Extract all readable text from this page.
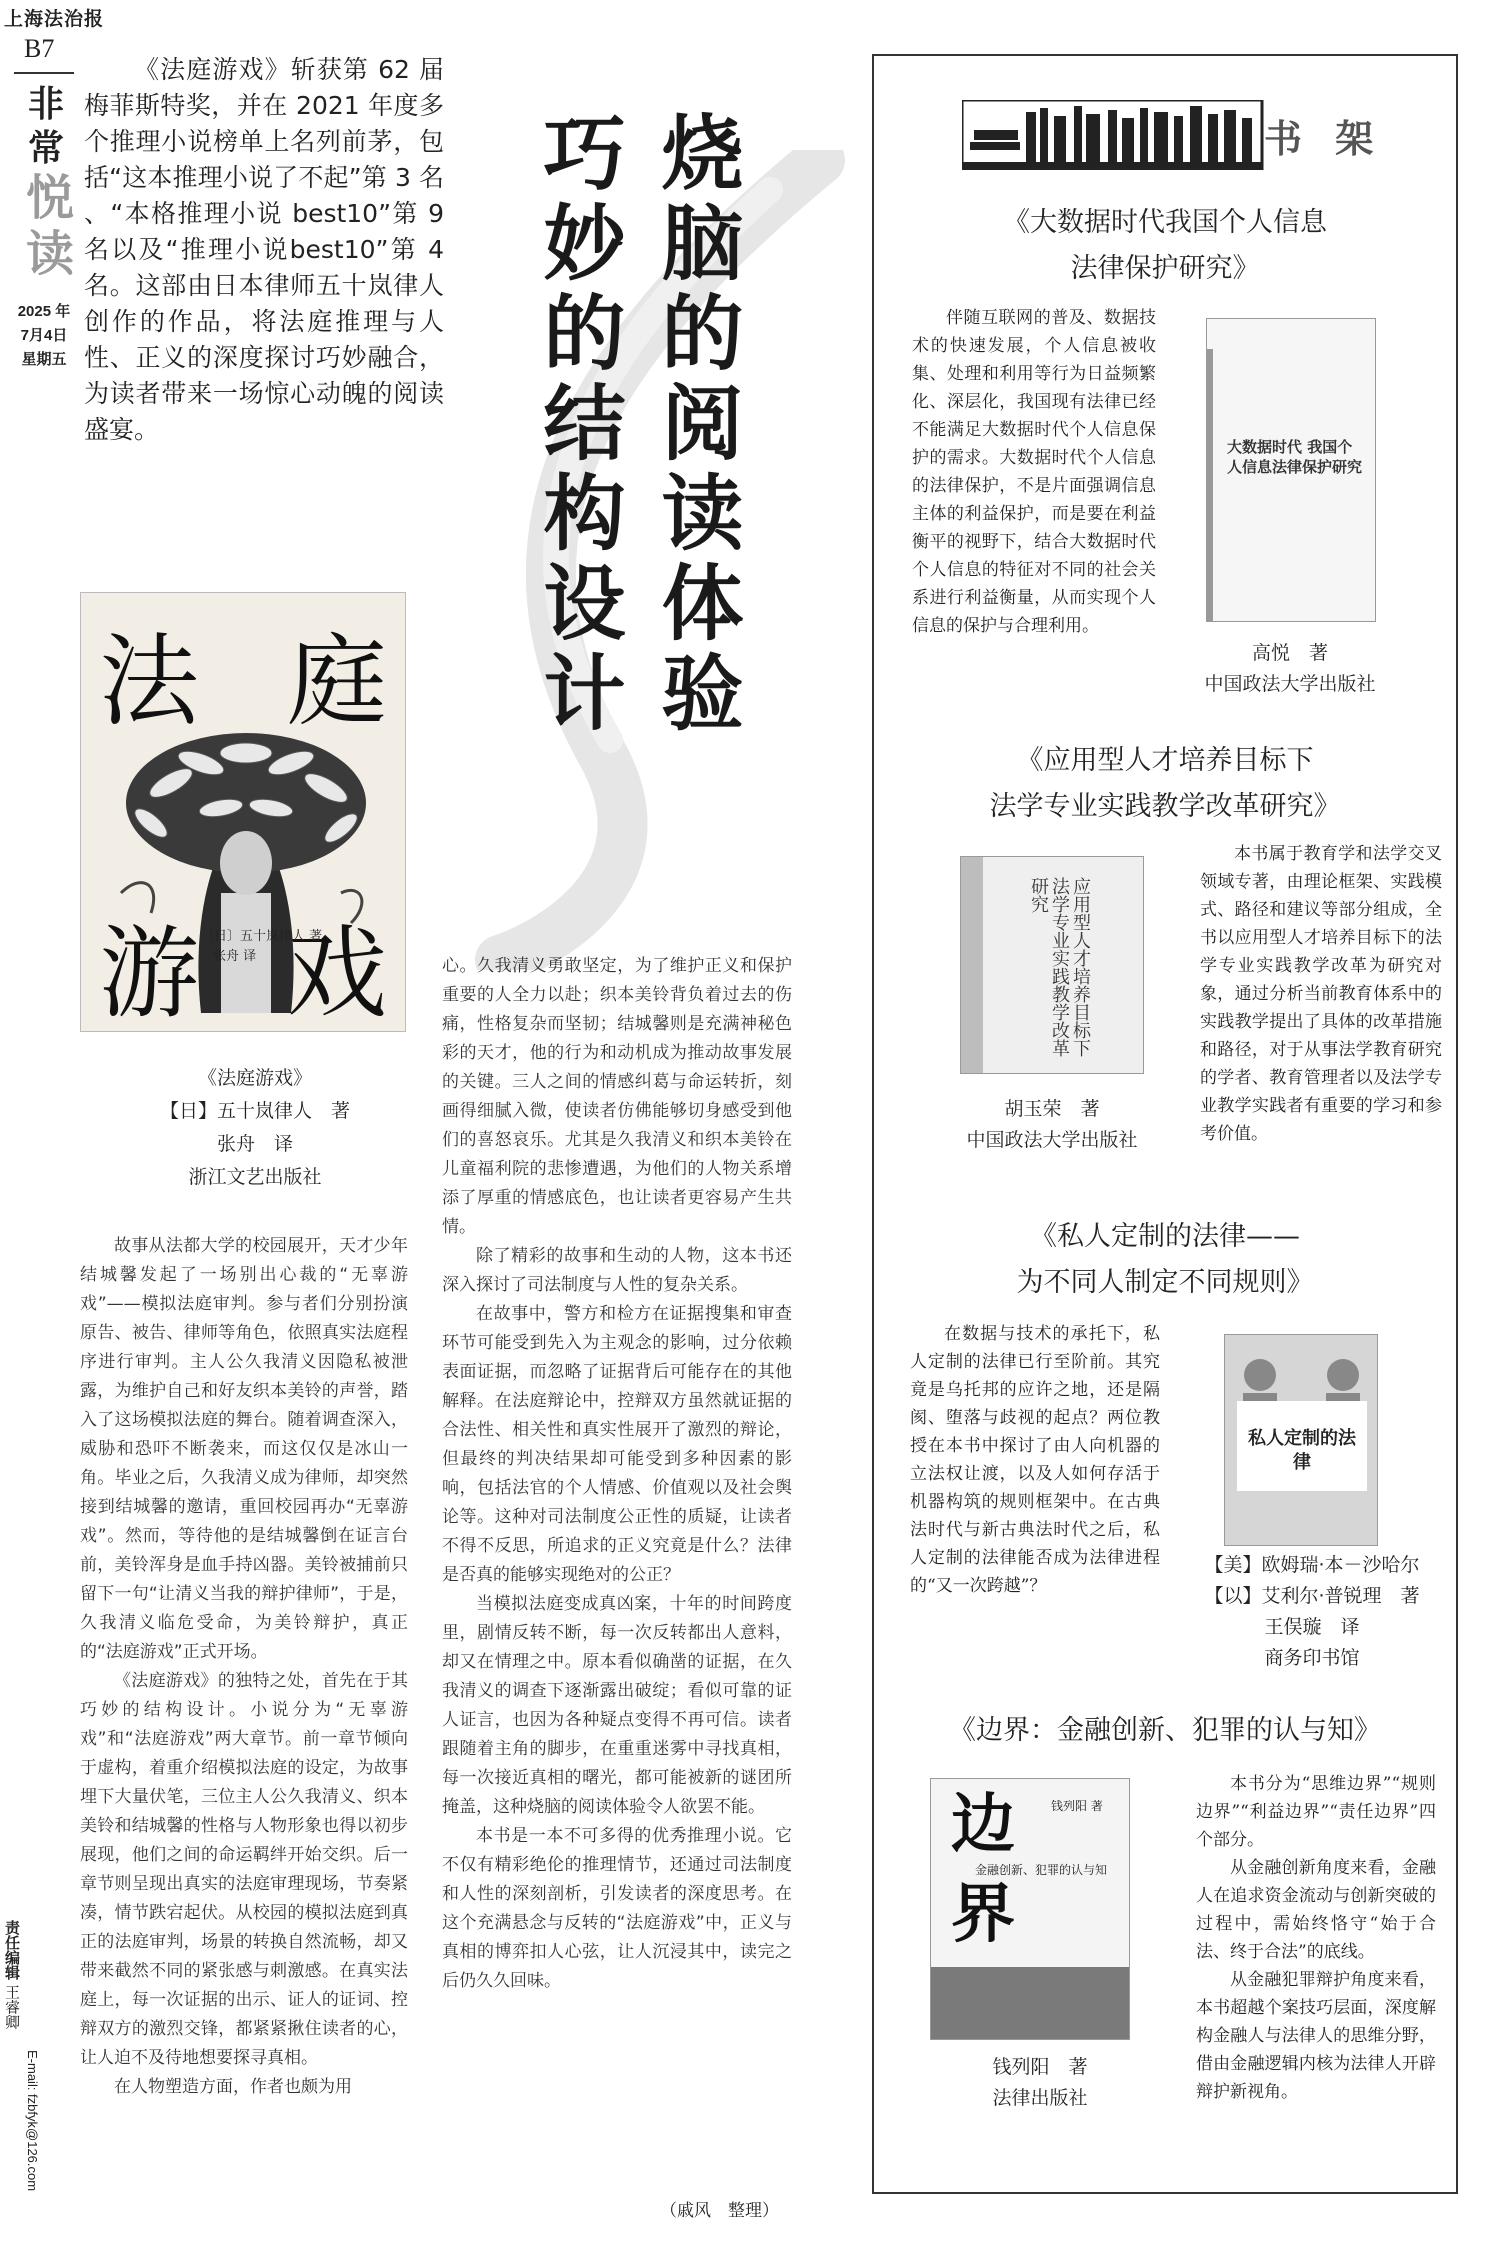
上海法治报
B7
非
常
悦
读
2025 年
7月4日
星期五
责任编辑 王睿卿
E-mail: fzbfyk@126.com
烧脑的阅读体验
巧妙的结构设计
《法庭游戏》斩获第 62 届梅菲斯特奖，并在 2021 年度多个推理小说榜单上名列前茅，包括“这本推理小说了不起”第 3 名 、“本格推理小说 best10”第 9 名以及“推理小说best10”第 4 名。这部由日本律师五十岚律人创作的作品，将法庭推理与人性、正义的深度探讨巧妙融合，为读者带来一场惊心动魄的阅读盛宴。
法 庭
游 戏
〔日〕五十岚律人 著
张舟 译
《法庭游戏》
【日】五十岚律人　著
张舟　译
浙江文艺出版社

故事从法都大学的校园展开，天才少年结城馨发起了一场别出心裁的“无辜游戏”——模拟法庭审判。参与者们分别扮演原告、被告、律师等角色，依照真实法庭程序进行审判。主人公久我清义因隐私被泄露，为维护自己和好友织本美铃的声誉，踏入了这场模拟法庭的舞台。随着调查深入，威胁和恐吓不断袭来，而这仅仅是冰山一角。毕业之后，久我清义成为律师，却突然接到结城馨的邀请，重回校园再办“无辜游戏”。然而，等待他的是结城馨倒在证言台前，美铃浑身是血手持凶器。美铃被捕前只留下一句“让清义当我的辩护律师”，于是，久我清义临危受命，为美铃辩护，真正的“法庭游戏”正式开场。

《法庭游戏》的独特之处，首先在于其巧妙的结构设计。小说分为“无辜游戏”和“法庭游戏”两大章节。前一章节倾向于虚构，着重介绍模拟法庭的设定，为故事埋下大量伏笔，三位主人公久我清义、织本美铃和结城馨的性格与人物形象也得以初步展现，他们之间的命运羁绊开始交织。后一章节则呈现出真实的法庭审理现场，节奏紧凑，情节跌宕起伏。从校园的模拟法庭到真正的法庭审判，场景的转换自然流畅，却又带来截然不同的紧张感与刺激感。在真实法庭上，每一次证据的出示、证人的证词、控辩双方的激烈交锋，都紧紧揪住读者的心，让人迫不及待地想要探寻真相。

在人物塑造方面，作者也颇为用

心。久我清义勇敢坚定，为了维护正义和保护重要的人全力以赴；织本美铃背负着过去的伤痛，性格复杂而坚韧；结城馨则是充满神秘色彩的天才，他的行为和动机成为推动故事发展的关键。三人之间的情感纠葛与命运转折，刻画得细腻入微，使读者仿佛能够切身感受到他们的喜怒哀乐。尤其是久我清义和织本美铃在儿童福利院的悲惨遭遇，为他们的人物关系增添了厚重的情感底色，也让读者更容易产生共情。

除了精彩的故事和生动的人物，这本书还深入探讨了司法制度与人性的复杂关系。

在故事中，警方和检方在证据搜集和审查环节可能受到先入为主观念的影响，过分依赖表面证据，而忽略了证据背后可能存在的其他解释。在法庭辩论中，控辩双方虽然就证据的合法性、相关性和真实性展开了激烈的辩论，但最终的判决结果却可能受到多种因素的影响，包括法官的个人情感、价值观以及社会舆论等。这种对司法制度公正性的质疑，让读者不得不反思，所追求的正义究竟是什么？法律是否真的能够实现绝对的公正？

当模拟法庭变成真凶案，十年的时间跨度里，剧情反转不断，每一次反转都出人意料，却又在情理之中。原本看似确凿的证据，在久我清义的调查下逐渐露出破绽；看似可靠的证人证言，也因为各种疑点变得不再可信。读者跟随着主角的脚步，在重重迷雾中寻找真相，每一次接近真相的曙光，都可能被新的谜团所掩盖，这种烧脑的阅读体验令人欲罢不能。

本书是一本不可多得的优秀推理小说。它不仅有精彩绝伦的推理情节，还通过司法制度和人性的深刻剖析，引发读者的深度思考。在这个充满悬念与反转的“法庭游戏”中，正义与真相的博弈扣人心弦，让人沉浸其中，读完之后仍久久回味。

（戚风　整理）
书 架
《大数据时代我国个人信息
法律保护研究》

伴随互联网的普及、数据技术的快速发展，个人信息被收集、处理和利用等行为日益频繁化、深层化，我国现有法律已经不能满足大数据时代个人信息保护的需求。大数据时代个人信息的法律保护，不是片面强调信息主体的利益保护，而是要在利益衡平的视野下，结合大数据时代个人信息的特征对不同的社会关系进行利益衡量，从而实现个人信息的保护与合理利用。

大数据时代 我国个人信息法律保护研究
高悦　著
中国政法大学出版社
《应用型人才培养目标下
法学专业实践教学改革研究》
应用型人才培养目标下 法学专业实践教学改革研究
胡玉荣　著
中国政法大学出版社

本书属于教育学和法学交叉领域专著，由理论框架、实践模式、路径和建议等部分组成，全书以应用型人才培养目标下的法学专业实践教学改革为研究对象，通过分析当前教育体系中的实践教学提出了具体的改革措施和路径，对于从事法学教育研究的学者、教育管理者以及法学专业教学实践者有重要的学习和参考价值。

《私人定制的法律——
为不同人制定不同规则》

在数据与技术的承托下，私人定制的法律已行至阶前。其究竟是乌托邦的应许之地，还是隔阂、堕落与歧视的起点？两位教授在本书中探讨了由人向机器的立法权让渡，以及人如何存活于机器构筑的规则框架中。在古典法时代与新古典法时代之后，私人定制的法律能否成为法律进程的“又一次跨越”？

私人定制的法律
【美】欧姆瑞·本－沙哈尔
【以】艾利尔·普锐理　著
王俣璇　译
商务印书馆
《边界：金融创新、犯罪的认与知》
边
金融创新、犯罪的认与知
界
钱列阳 著
钱列阳　著
法律出版社

本书分为“思维边界”“规则边界”“利益边界”“责任边界”四个部分。

从金融创新角度来看，金融人在追求资金流动与创新突破的过程中，需始终恪守“始于合法、终于合法”的底线。

从金融犯罪辩护角度来看，本书超越个案技巧层面，深度解构金融人与法律人的思维分野，借由金融逻辑内核为法律人开辟辩护新视角。
